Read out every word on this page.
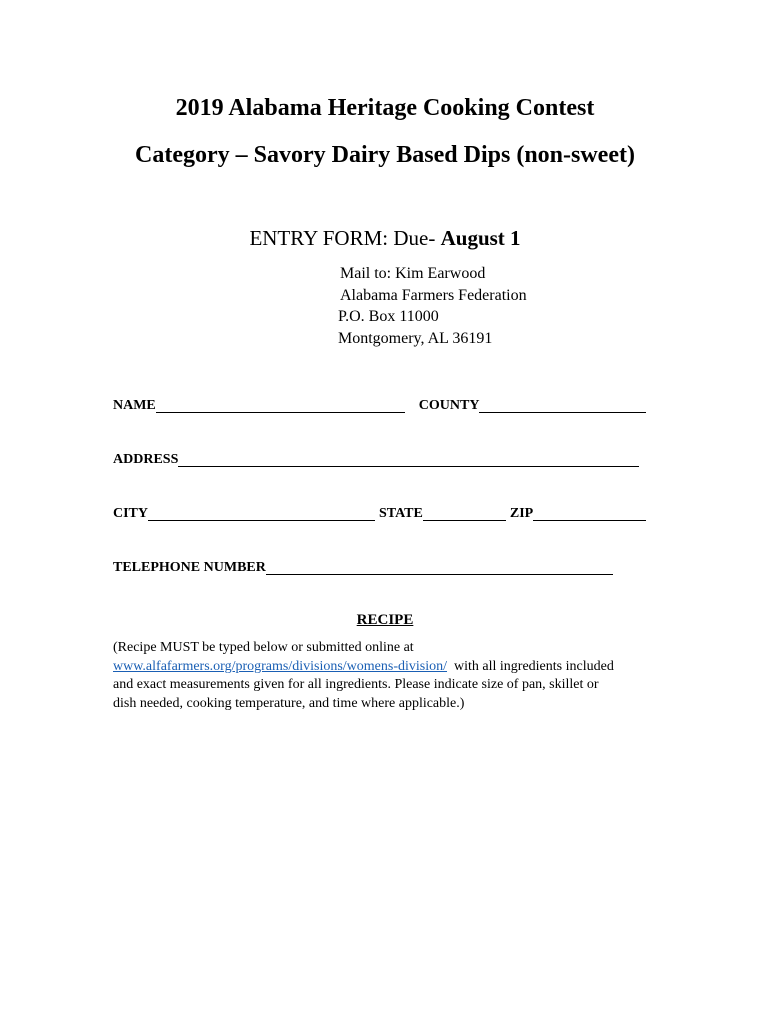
2019 Alabama Heritage Cooking Contest
Category – Savory Dairy Based Dips (non-sweet)
ENTRY FORM: Due- August 1
Mail to: Kim Earwood
Alabama Farmers Federation
P.O. Box 11000
Montgomery, AL 36191
NAME	COUNTY
ADDRESS
CITY	STATE	ZIP
TELEPHONE NUMBER
RECIPE
(Recipe MUST be typed below or submitted online at
www.alfafarmers.org/programs/divisions/womens-division/  with all ingredients included
and exact measurements given for all ingredients. Please indicate size of pan, skillet or
dish needed, cooking temperature, and time where applicable.)
